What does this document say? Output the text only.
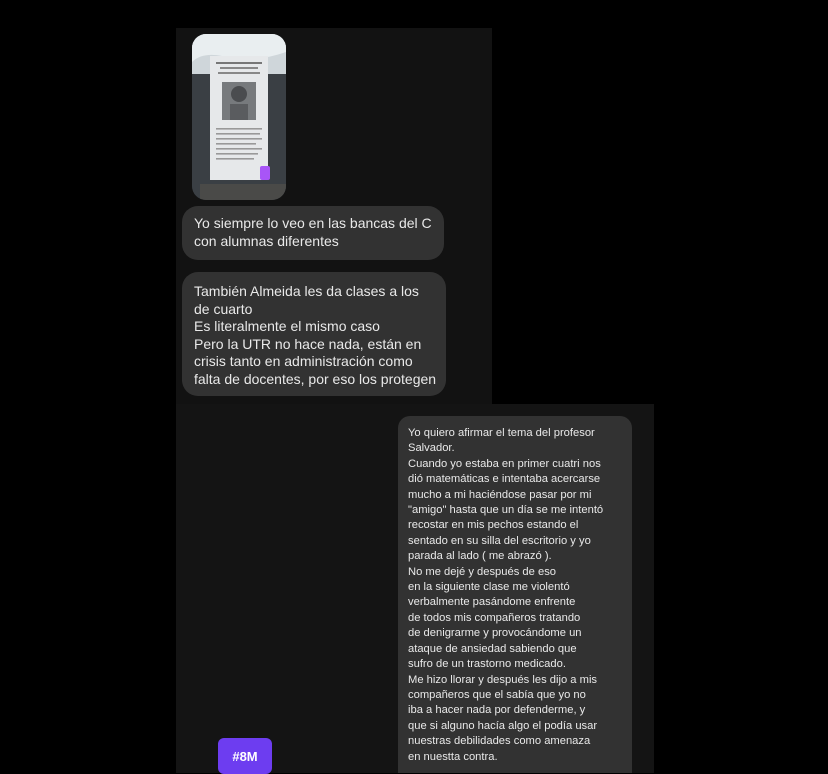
Yo siempre lo veo en las bancas del C
con alumnas diferentes
También Almeida les da clases a los
de cuarto
Es literalmente el mismo caso
Pero la UTR no hace nada, están en
crisis tanto en administración como
falta de docentes, por eso los protegen
Yo quiero afirmar el tema del profesor
Salvador.
Cuando yo estaba en primer cuatri nos
dió matemáticas e intentaba acercarse
mucho a mi haciéndose pasar por mi
"amigo" hasta que un día se me intentó
recostar en mis pechos estando el
sentado en su silla del escritorio y yo
parada al lado ( me abrazó ).
No me dejé y después de eso
en la siguiente clase me violentó
verbalmente pasándome enfrente
de todos mis compañeros tratando
de denigrarme y provocándome un
ataque de ansiedad sabiendo que
sufro de un trastorno medicado.
Me hizo llorar y después les dijo a mis
compañeros que el sabía que yo no
iba a hacer nada por defenderme, y
que si alguno hacía algo el podía usar
nuestras debilidades como amenaza
en nuestta contra.
#8M
